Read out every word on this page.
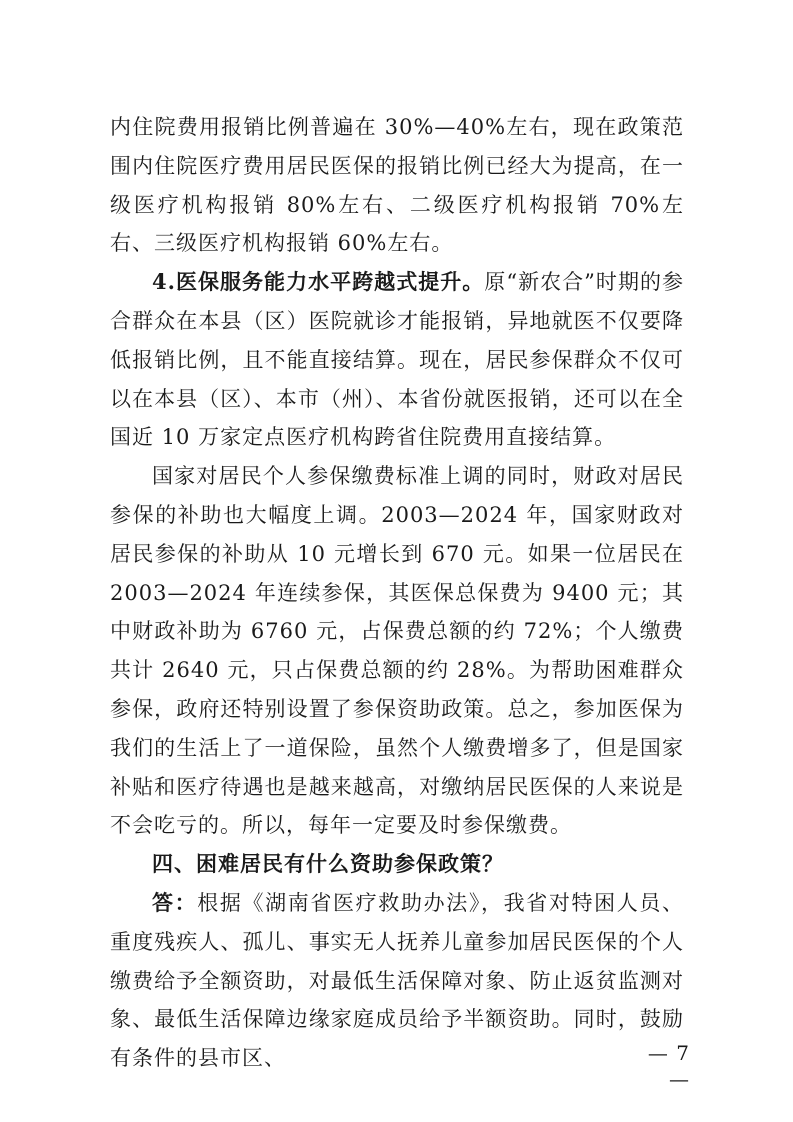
内住院费用报销比例普遍在 30%—40%左右，现在政策范围内住院医疗费用居民医保的报销比例已经大为提高，在一级医疗机构报销 80%左右、二级医疗机构报销 70%左右、三级医疗机构报销 60%左右。

4.医保服务能力水平跨越式提升。原“新农合”时期的参合群众在本县（区）医院就诊才能报销，异地就医不仅要降低报销比例，且不能直接结算。现在，居民参保群众不仅可以在本县（区）、本市（州）、本省份就医报销，还可以在全国近 10 万家定点医疗机构跨省住院费用直接结算。

国家对居民个人参保缴费标准上调的同时，财政对居民参保的补助也大幅度上调。2003—2024 年，国家财政对居民参保的补助从 10 元增长到 670 元。如果一位居民在 2003—2024 年连续参保，其医保总保费为 9400 元；其中财政补助为 6760 元，占保费总额的约 72%；个人缴费共计 2640 元，只占保费总额的约 28%。为帮助困难群众参保，政府还特别设置了参保资助政策。总之，参加医保为我们的生活上了一道保险，虽然个人缴费增多了，但是国家补贴和医疗待遇也是越来越高，对缴纳居民医保的人来说是不会吃亏的。所以，每年一定要及时参保缴费。

四、困难居民有什么资助参保政策？

答：根据《湖南省医疗救助办法》，我省对特困人员、重度残疾人、孤儿、事实无人抚养儿童参加居民医保的个人缴费给予全额资助，对最低生活保障对象、防止返贫监测对象、最低生活保障边缘家庭成员给予半额资助。同时，鼓励有条件的县市区、	— 7 —
